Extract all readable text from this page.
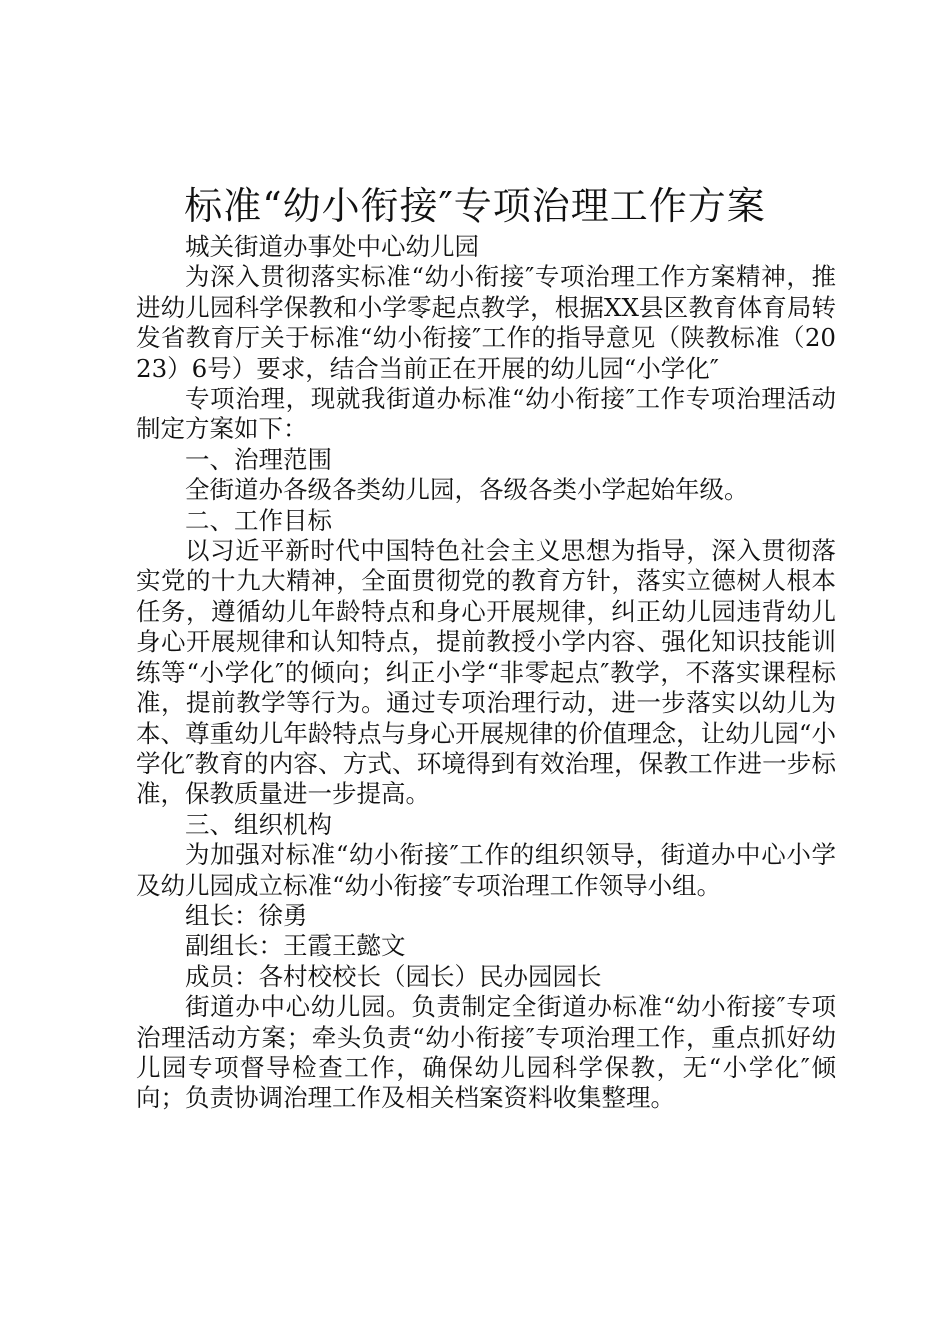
标准“幼小衔接″专项治理工作方案

城关街道办事处中心幼儿园

为深入贯彻落实标准“幼小衔接″专项治理工作方案精神，推进幼儿园科学保教和小学零起点教学，根据XX县区教育体育局转发省教育厅关于标准“幼小衔接″工作的指导意见（陕教标准（2023）6号）要求，结合当前正在开展的幼儿园“小学化″

专项治理，现就我街道办标准“幼小衔接″工作专项治理活动制定方案如下：

一、治理范围

全街道办各级各类幼儿园，各级各类小学起始年级。

二、工作目标

以习近平新时代中国特色社会主义思想为指导，深入贯彻落实党的十九大精神，全面贯彻党的教育方针，落实立德树人根本任务，遵循幼儿年龄特点和身心开展规律，纠正幼儿园违背幼儿身心开展规律和认知特点，提前教授小学内容、强化知识技能训练等“小学化″的倾向；纠正小学“非零起点″教学，不落实课程标准，提前教学等行为。通过专项治理行动，进一步落实以幼儿为本、尊重幼儿年龄特点与身心开展规律的价值理念，让幼儿园“小学化″教育的内容、方式、环境得到有效治理，保教工作进一步标准，保教质量进一步提高。

三、组织机构

为加强对标准“幼小衔接″工作的组织领导，街道办中心小学及幼儿园成立标准“幼小衔接″专项治理工作领导小组。

组长：徐勇

副组长：王霞王懿文

成员：各村校校长（园长）民办园园长

街道办中心幼儿园。负责制定全街道办标准“幼小衔接″专项治理活动方案；牵头负责“幼小衔接″专项治理工作，重点抓好幼儿园专项督导检查工作，确保幼儿园科学保教，无“小学化″倾向；负责协调治理工作及相关档案资料收集整理。
